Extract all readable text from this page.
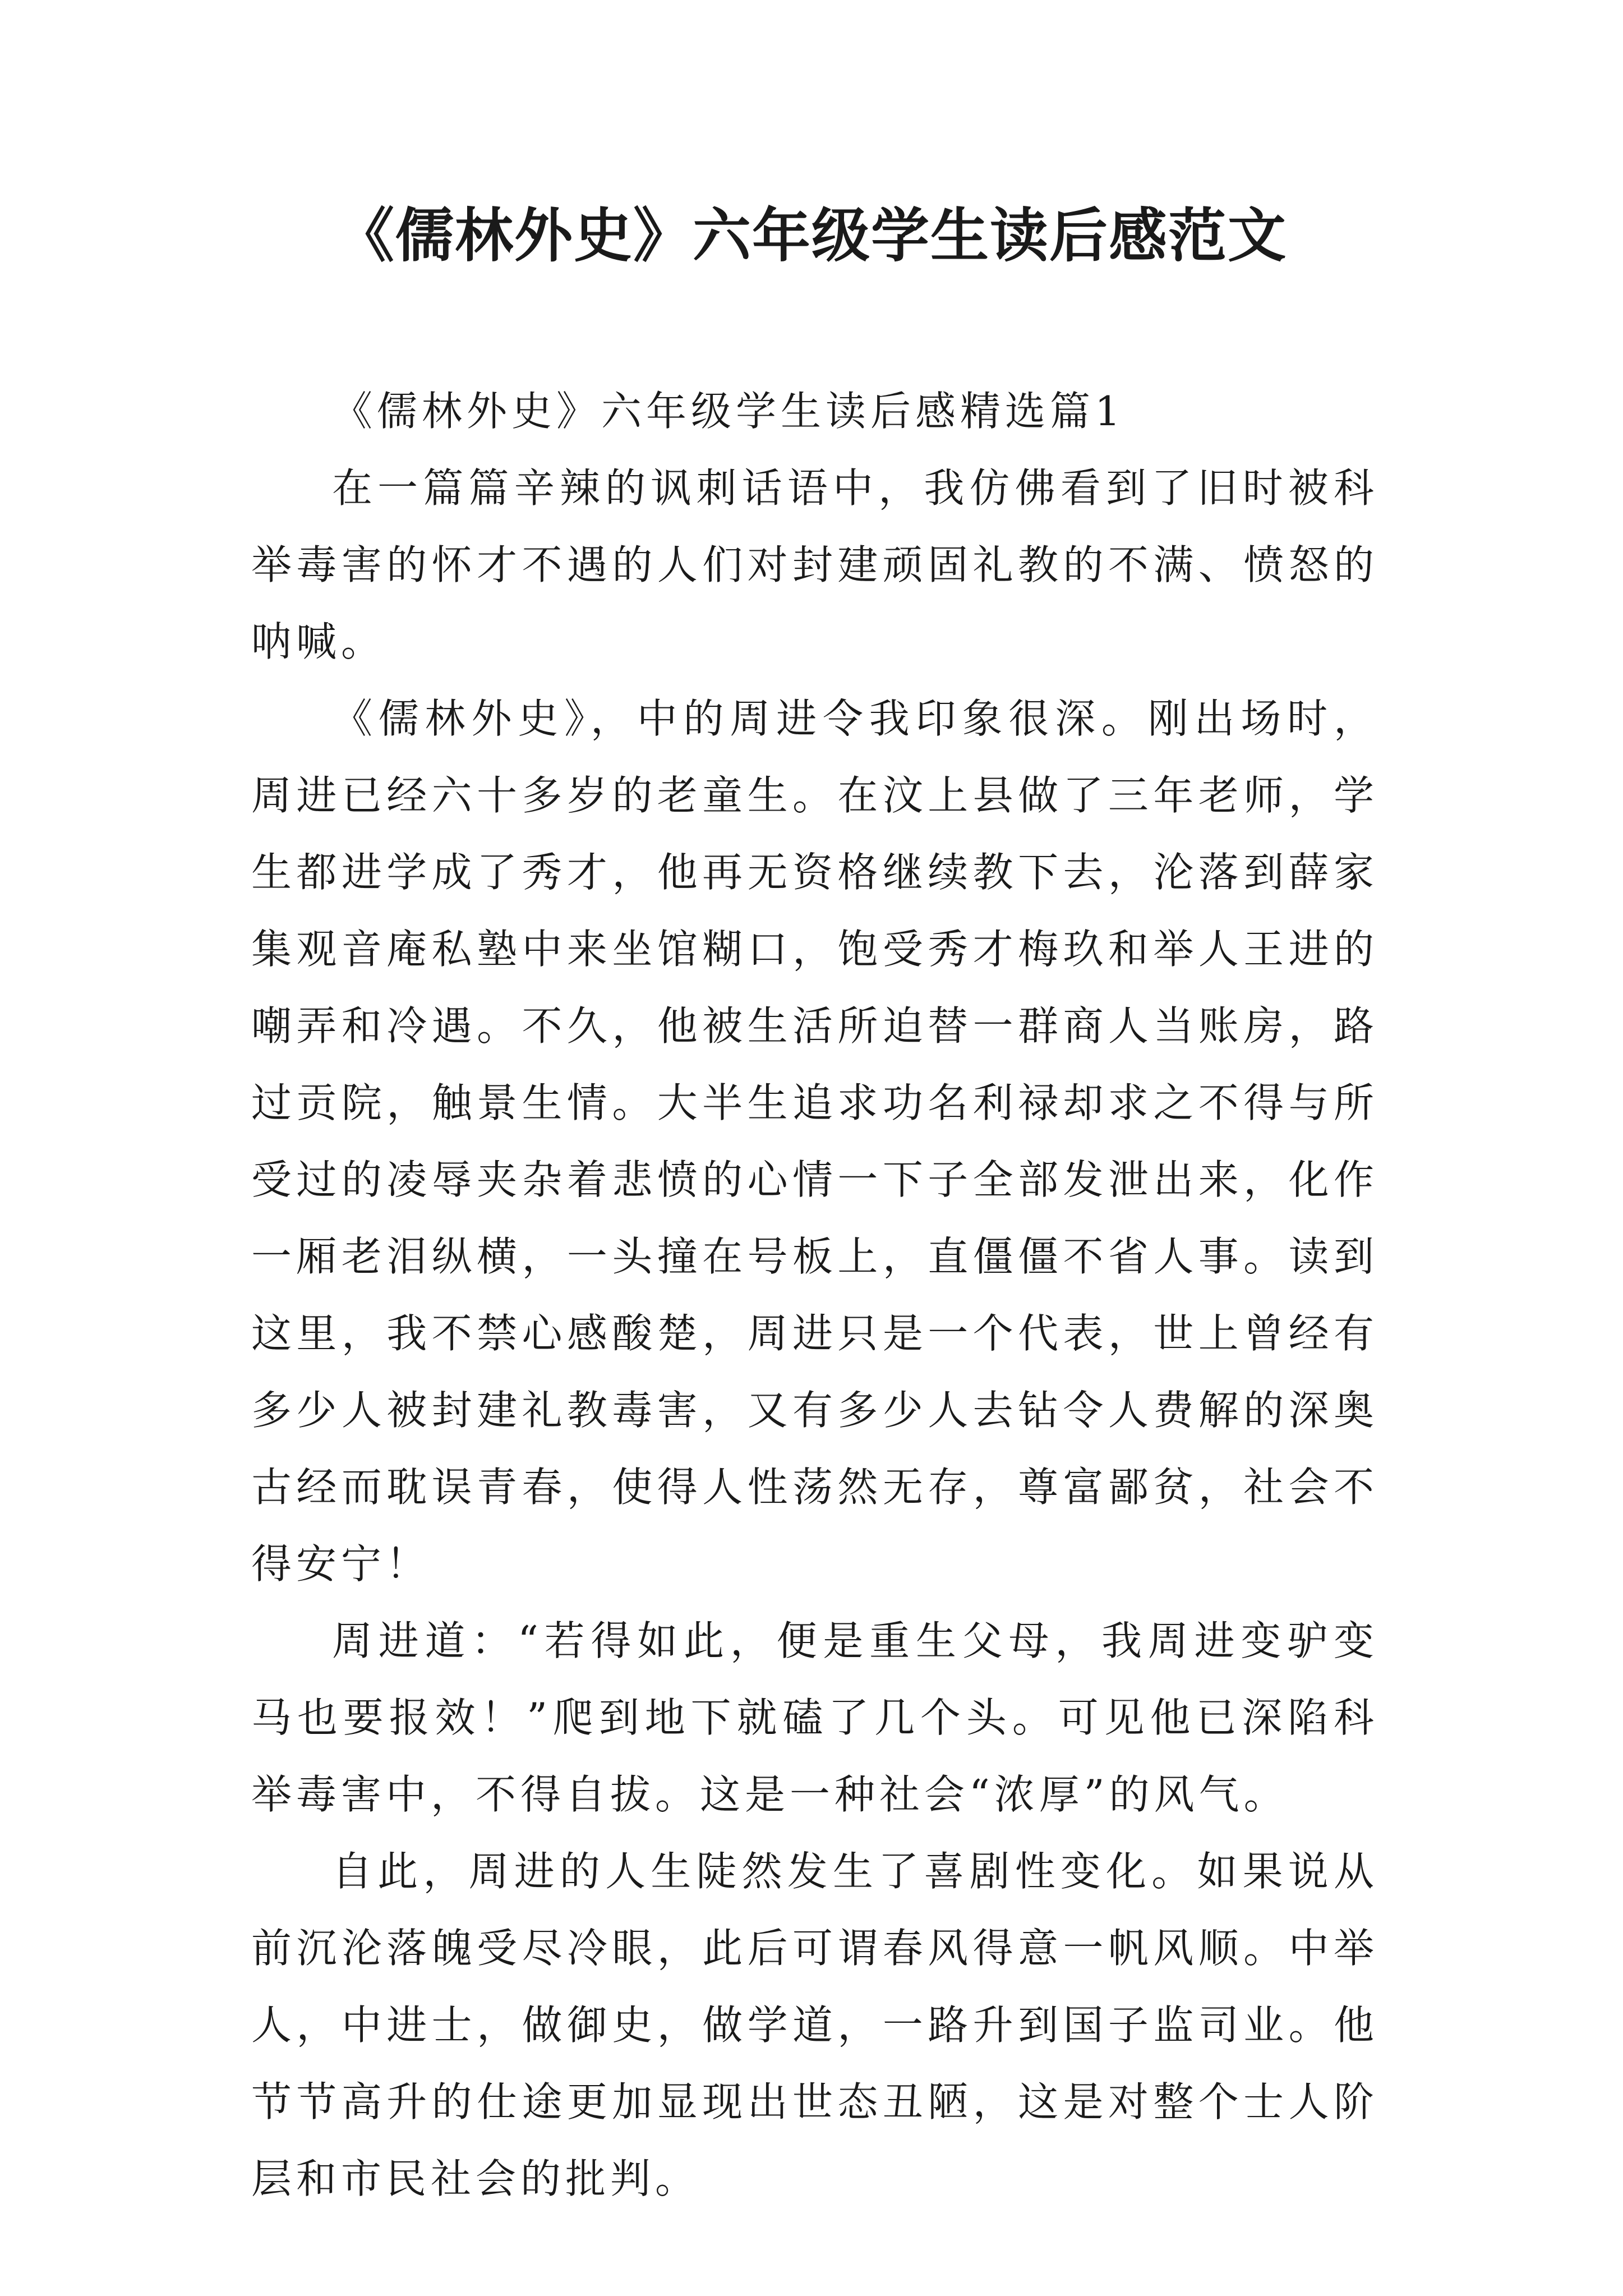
《儒林外史》六年级学生读后感范文

《儒林外史》六年级学生读后感精选篇1

在一篇篇辛辣的讽刺话语中，我仿佛看到了旧时被科举毒害的怀才不遇的人们对封建顽固礼教的不满、愤怒的呐喊。

《儒林外史》，中的周进令我印象很深。刚出场时，周进已经六十多岁的老童生。在汶上县做了三年老师，学生都进学成了秀才，他再无资格继续教下去，沦落到薛家集观音庵私塾中来坐馆糊口，饱受秀才梅玖和举人王进的嘲弄和冷遇。不久，他被生活所迫替一群商人当账房，路过贡院，触景生情。大半生追求功名利禄却求之不得与所受过的凌辱夹杂着悲愤的心情一下子全部发泄出来，化作一厢老泪纵横，一头撞在号板上，直僵僵不省人事。读到这里，我不禁心感酸楚，周进只是一个代表，世上曾经有多少人被封建礼教毒害，又有多少人去钻令人费解的深奥古经而耽误青春，使得人性荡然无存，尊富鄙贫，社会不得安宁！

周进道：“若得如此，便是重生父母，我周进变驴变马也要报效！”爬到地下就磕了几个头。可见他已深陷科举毒害中，不得自拔。这是一种社会“浓厚”的风气。

自此，周进的人生陡然发生了喜剧性变化。如果说从前沉沦落魄受尽冷眼，此后可谓春风得意一帆风顺。中举人，中进士，做御史，做学道，一路升到国子监司业。他节节高升的仕途更加显现出世态丑陋，这是对整个士人阶层和市民社会的批判。
